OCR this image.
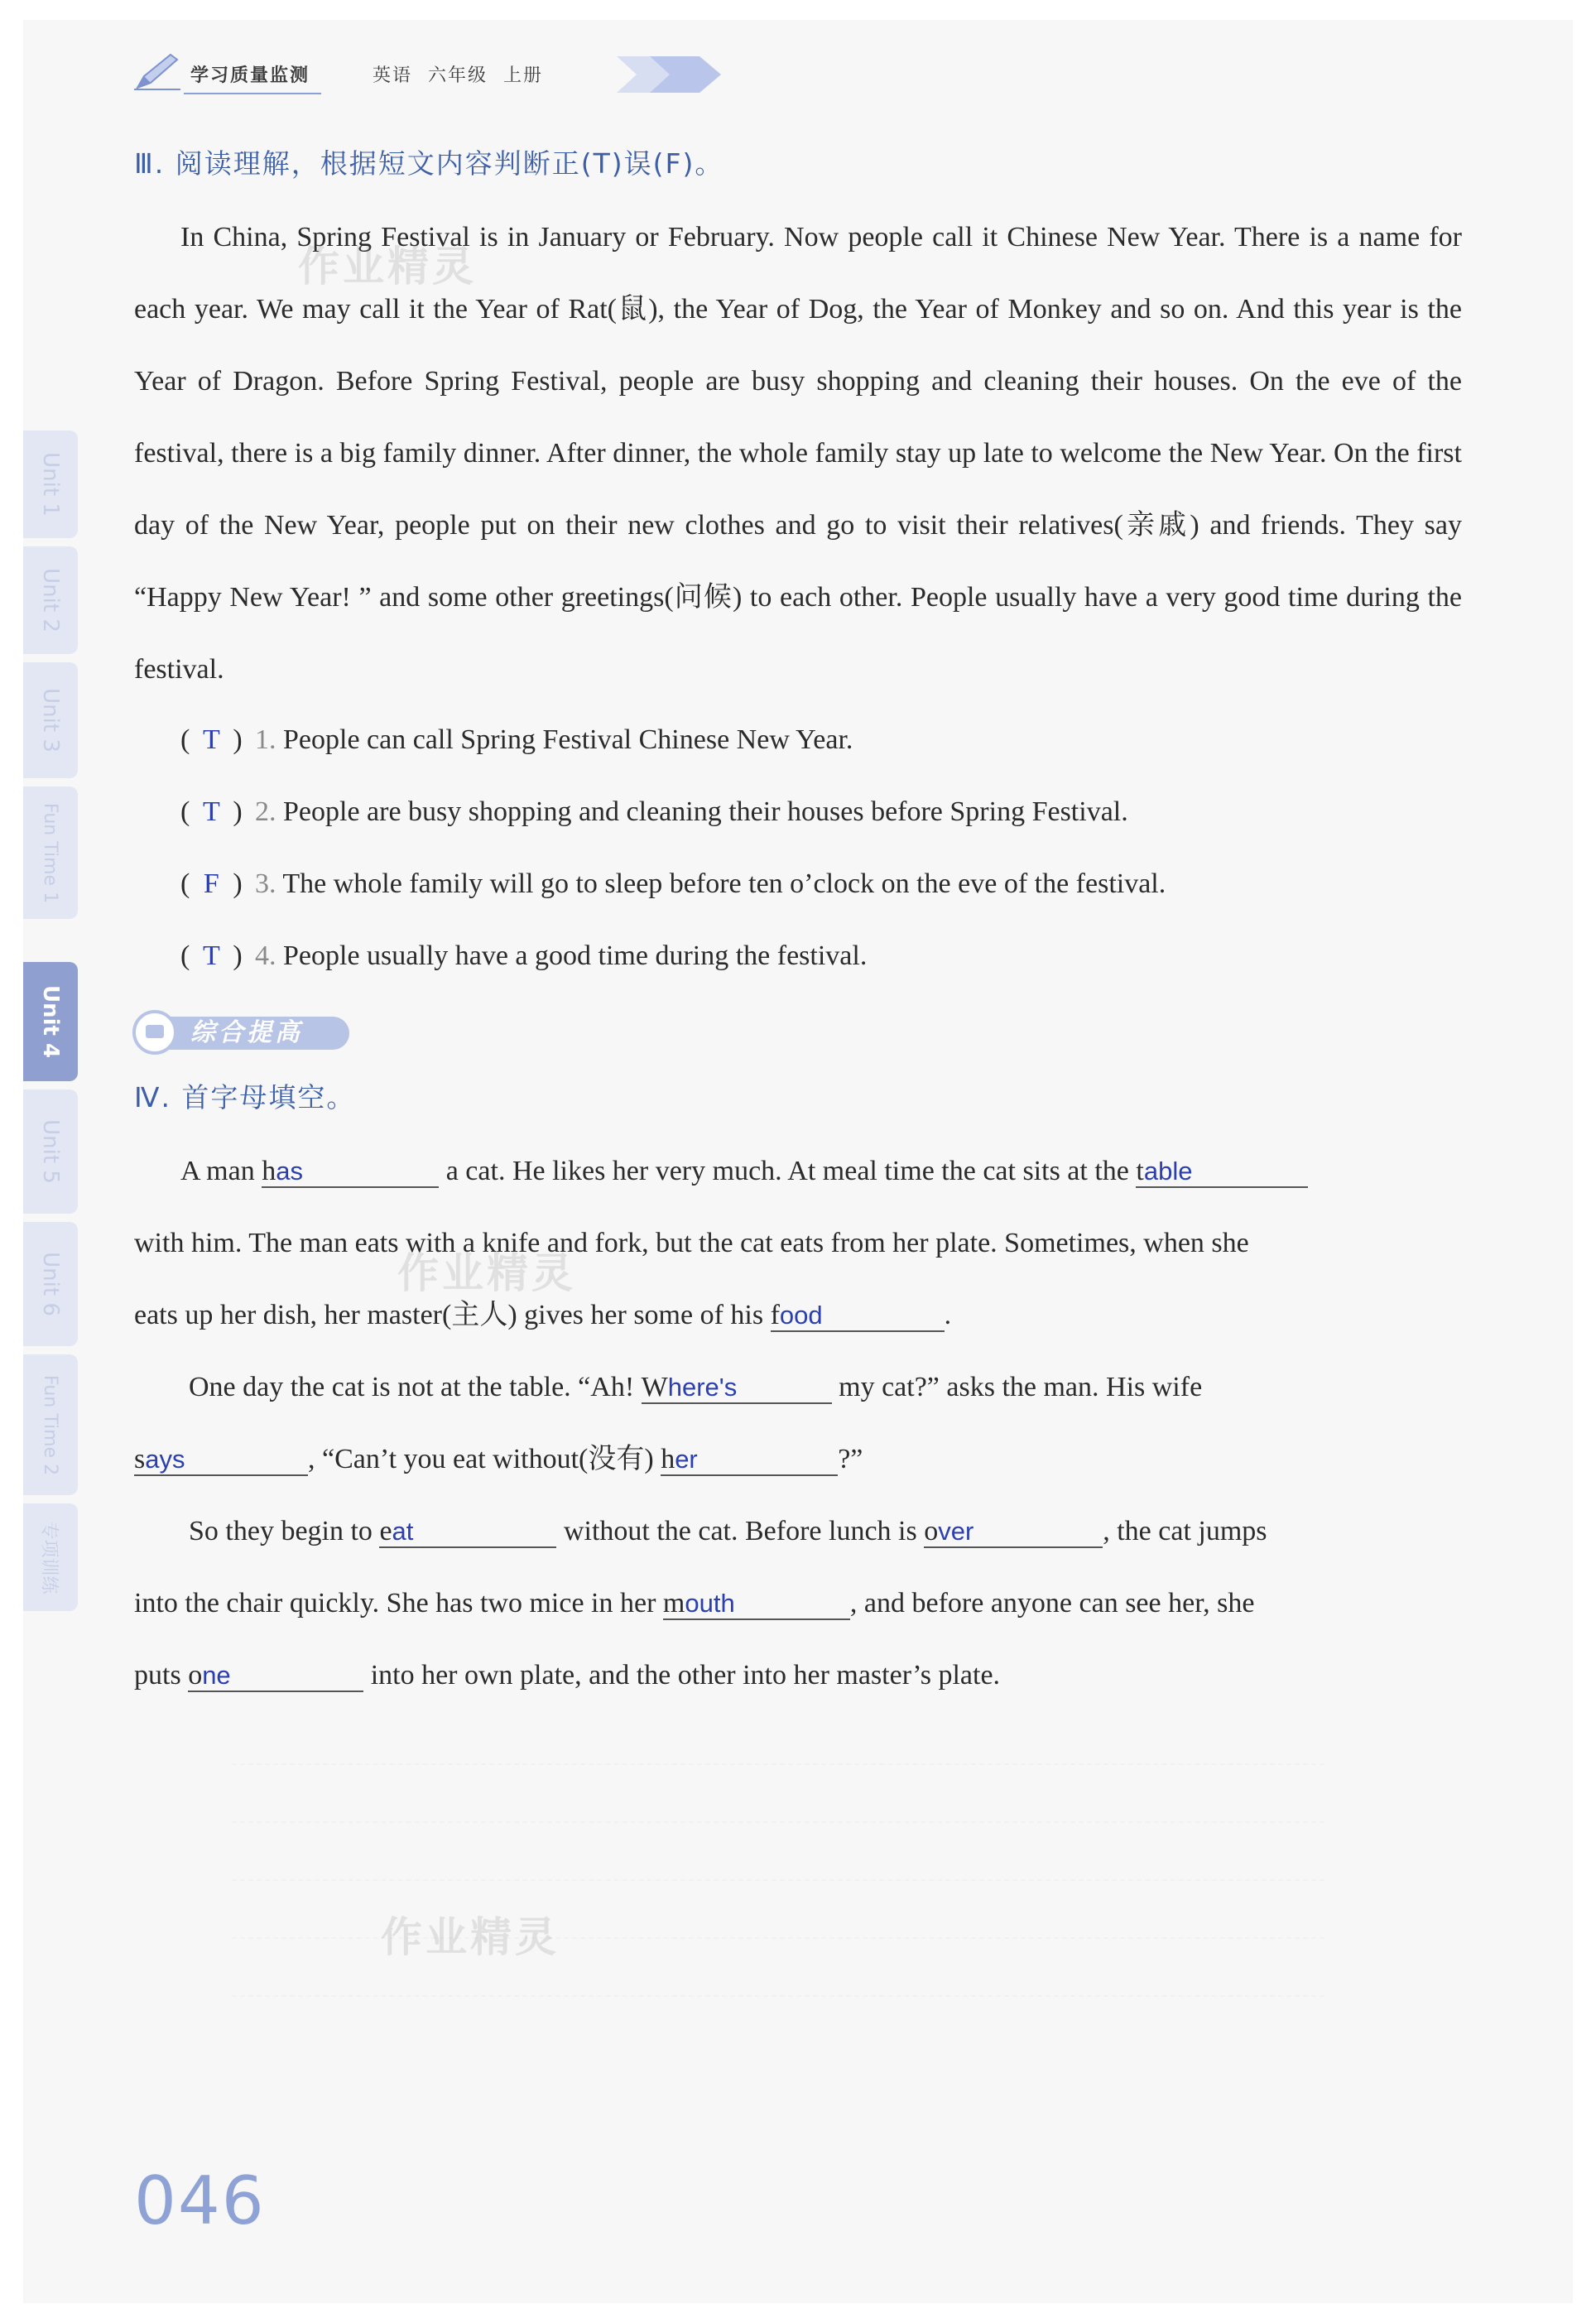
学习质量监测	英语 六年级 上册
Unit 1
Unit 2
Unit 3
Fun Time 1
Unit 4
Unit 5
Unit 6
Fun Time 2
专项训练
Ⅲ. 阅读理解，根据短文内容判断正(T)误(F)。

In China, Spring Festival is in January or February. Now people call it Chinese New Year. There is a name for each year. We may call it the Year of Rat(鼠), the Year of Dog, the Year of Monkey and so on. And this year is the Year of Dragon. Before Spring Festival, people are busy shopping and cleaning their houses. On the eve of the festival, there is a big family dinner. After dinner, the whole family stay up late to welcome the New Year. On the first day of the New Year, people put on their new clothes and go to visit their relatives(亲戚) and friends. They say “Happy New Year! ” and some other greetings(问候) to each other. People usually have a very good time during the festival.

( T ) 1. People can call Spring Festival Chinese New Year.
( T ) 2. People are busy shopping and cleaning their houses before Spring Festival.
( F ) 3. The whole family will go to sleep before ten o’clock on the eve of the festival.
( T ) 4. People usually have a good time during the festival.
综合提高
Ⅳ. 首字母填空。
A man has	a cat. He likes her very much. At meal time the cat sits at the table
with him. The man eats with a knife and fork, but the cat eats from her plate. Sometimes, when she
eats up her dish, her master(主人) gives her some of his food	.
One day the cat is not at the table. “Ah! Where's	my cat?” asks the man. His wife
says	, “Can’t you eat without(没有) her	?”
So they begin to eat	without the cat. Before lunch is over	, the cat jumps
into the chair quickly. She has two mice in her mouth	, and before anyone can see her, she
puts one	into her own plate, and the other into her master’s plate.
作业精灵
作业精灵
作业精灵
046
